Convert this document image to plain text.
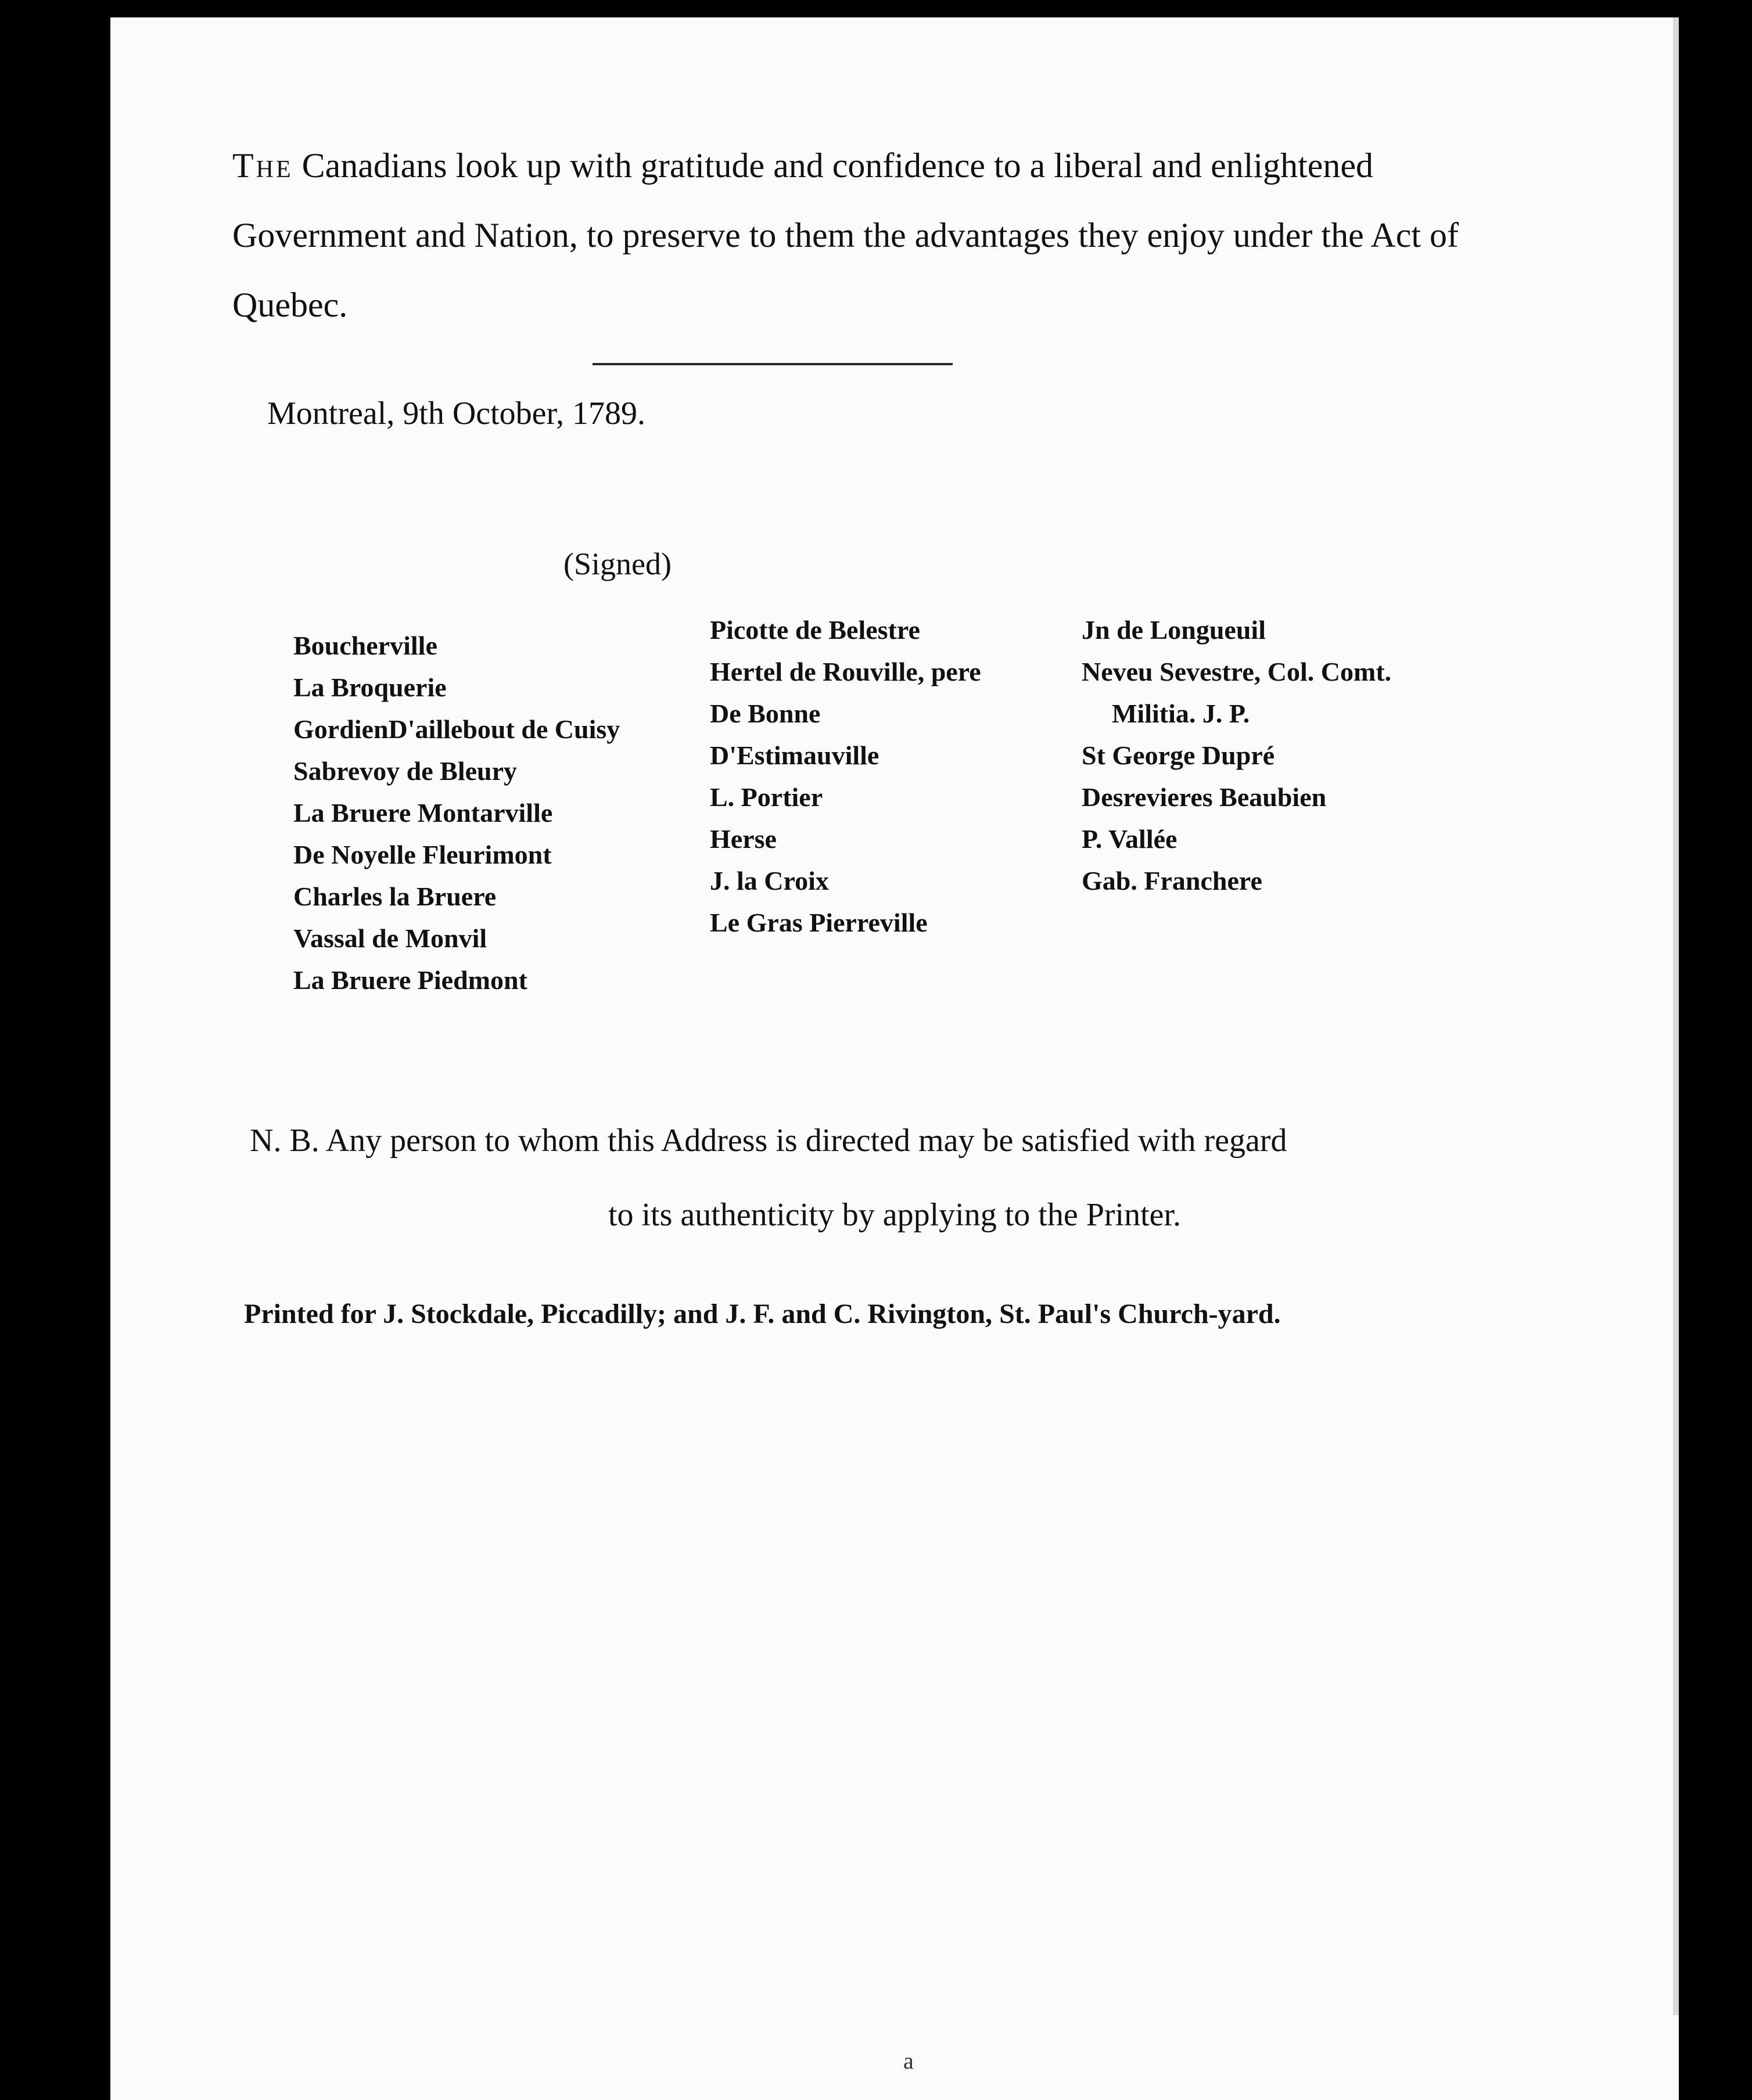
The Canadians look up with gratitude and confidence to a liberal and enlightened Government and Nation, to preserve to them the advantages they enjoy under the Act of Quebec.

Montreal, 9th October, 1789.
(Signed)
Boucherville
La Broquerie
GordienD'aillebout de Cuisy
Sabrevoy de Bleury
La Bruere Montarville
De Noyelle Fleurimont
Charles la Bruere
Vassal de Monvil
La Bruere Piedmont
Picotte de Belestre
Hertel de Rouville, pere
De Bonne
D'Estimauville
L. Portier
Herse
J. la Croix
Le Gras Pierreville
Jn de Longueuil
Neveu Sevestre, Col. Comt.
Militia. J. P.
St George Dupré
Desrevieres Beaubien
P. Vallée
Gab. Franchere
N. B. Any person to whom this Address is directed may be satisfied with regard
to its authenticity by applying to the Printer.
Printed for J. Stockdale, Piccadilly; and J. F. and C. Rivington, St. Paul's Church-yard.
a
